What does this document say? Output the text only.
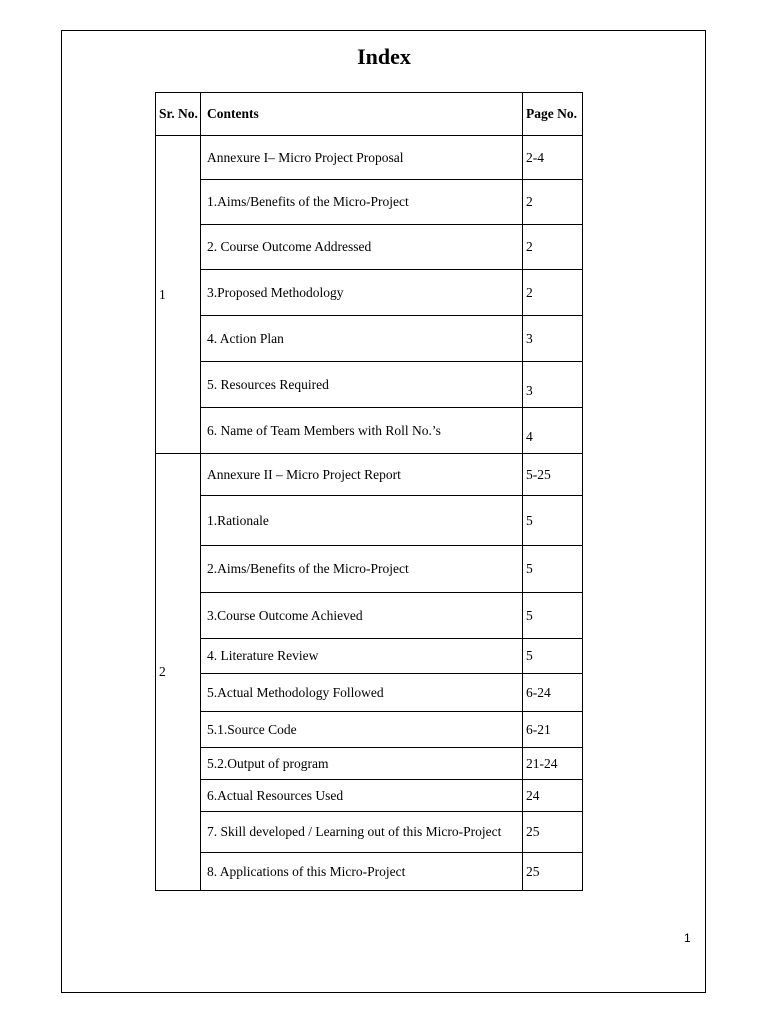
Index
Sr. No.	Contents	Page No.
1	Annexure I– Micro Project Proposal	2-4
	1.Aims/Benefits of the Micro-Project	2
	2. Course Outcome Addressed	2
	3.Proposed Methodology	2
	4. Action Plan	3
	5. Resources Required	3
	6. Name of Team Members with Roll No.’s	4
2	Annexure II – Micro Project Report	5-25
	1.Rationale	5
	2.Aims/Benefits of the Micro-Project	5
	3.Course Outcome Achieved	5
	4. Literature Review	5
	5.Actual Methodology Followed	6-24
	5.1.Source Code	6-21
	5.2.Output of program	21-24
	6.Actual Resources Used	24
	7. Skill developed / Learning out of this Micro-Project	25
	8. Applications of this Micro-Project	25
1
